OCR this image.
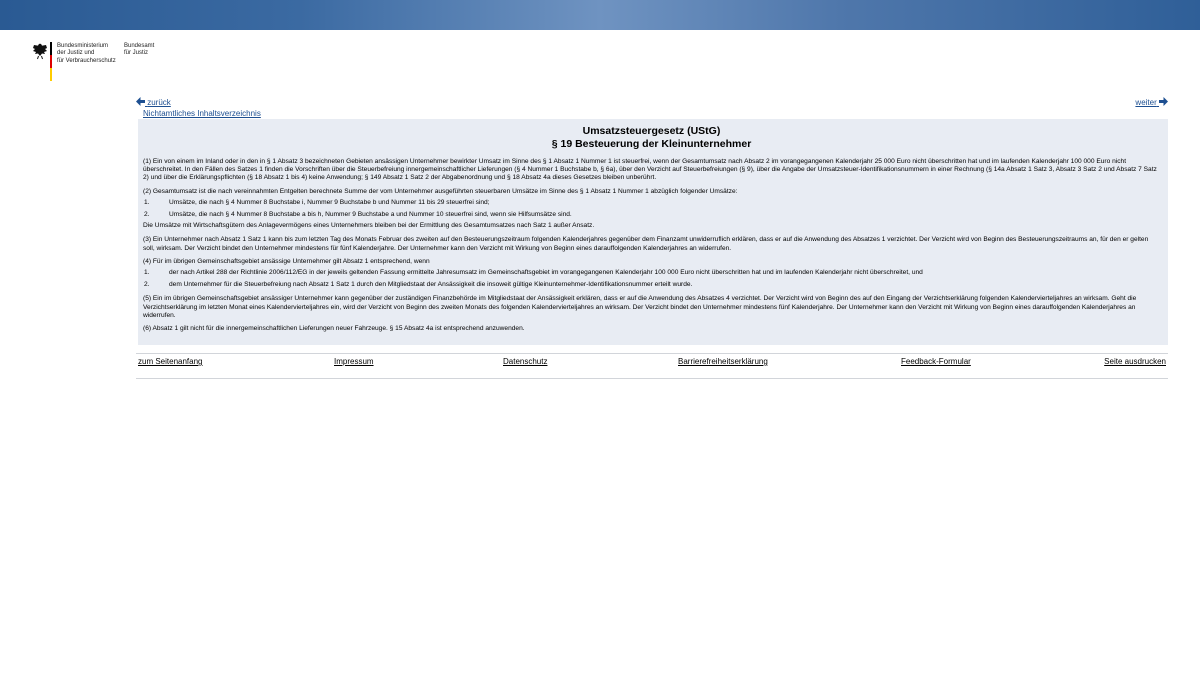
Bundesministerium
der Justiz und
für Verbraucherschutz
Bundesamt
für Justiz
zurück	weiter
Nichtamtliches Inhaltsverzeichnis

Umsatzsteuergesetz (UStG)

§ 19 Besteuerung der Kleinunternehmer

(1) Ein von einem im Inland oder in den in § 1 Absatz 3 bezeichneten Gebieten ansässigen Unternehmer bewirkter Umsatz im Sinne des § 1 Absatz 1 Nummer 1 ist steuerfrei, wenn der Gesamtumsatz nach Absatz 2 im vorangegangenen Kalenderjahr 25 000 Euro nicht überschritten hat und im laufenden Kalenderjahr 100 000 Euro nicht überschreitet. In den Fällen des Satzes 1 finden die Vorschriften über die Steuerbefreiung innergemeinschaftlicher Lieferungen (§ 4 Nummer 1 Buchstabe b, § 6a), über den Verzicht auf Steuerbefreiungen (§ 9), über die Angabe der Umsatzsteuer-Identifikationsnummern in einer Rechnung (§ 14a Absatz 1 Satz 3, Absatz 3 Satz 2 und Absatz 7 Satz 2) und über die Erklärungspflichten (§ 18 Absatz 1 bis 4) keine Anwendung; § 149 Absatz 1 Satz 2 der Abgabenordnung und § 18 Absatz 4a dieses Gesetzes bleiben unberührt.

(2) Gesamtumsatz ist die nach vereinnahmten Entgelten berechnete Summe der vom Unternehmer ausgeführten steuerbaren Umsätze im Sinne des § 1 Absatz 1 Nummer 1 abzüglich folgender Umsätze:

1.	Umsätze, die nach § 4 Nummer 8 Buchstabe i, Nummer 9 Buchstabe b und Nummer 11 bis 29 steuerfrei sind;
2.	Umsätze, die nach § 4 Nummer 8 Buchstabe a bis h, Nummer 9 Buchstabe a und Nummer 10 steuerfrei sind, wenn sie Hilfsumsätze sind.

Die Umsätze mit Wirtschaftsgütern des Anlagevermögens eines Unternehmers bleiben bei der Ermittlung des Gesamtumsatzes nach Satz 1 außer Ansatz.

(3) Ein Unternehmer nach Absatz 1 Satz 1 kann bis zum letzten Tag des Monats Februar des zweiten auf den Besteuerungszeitraum folgenden Kalenderjahres gegenüber dem Finanzamt unwiderruflich erklären, dass er auf die Anwendung des Absatzes 1 verzichtet. Der Verzicht wird von Beginn des Besteuerungszeitraums an, für den er gelten soll, wirksam. Der Verzicht bindet den Unternehmer mindestens für fünf Kalenderjahre. Der Unternehmer kann den Verzicht mit Wirkung von Beginn eines darauffolgenden Kalenderjahres an widerrufen.

(4) Für im übrigen Gemeinschaftsgebiet ansässige Unternehmer gilt Absatz 1 entsprechend, wenn

1.	der nach Artikel 288 der Richtlinie 2006/112/EG in der jeweils geltenden Fassung ermittelte Jahresumsatz im Gemeinschaftsgebiet im vorangegangenen Kalenderjahr 100 000 Euro nicht überschritten hat und im laufenden Kalenderjahr nicht überschreitet, und
2.	dem Unternehmer für die Steuerbefreiung nach Absatz 1 Satz 1 durch den Mitgliedstaat der Ansässigkeit die insoweit gültige Kleinunternehmer-Identifikationsnummer erteilt wurde.

(5) Ein im übrigen Gemeinschaftsgebiet ansässiger Unternehmer kann gegenüber der zuständigen Finanzbehörde im Mitgliedstaat der Ansässigkeit erklären, dass er auf die Anwendung des Absatzes 4 verzichtet. Der Verzicht wird von Beginn des auf den Eingang der Verzichtserklärung folgenden Kalendervierteljahres an wirksam. Geht die Verzichtserklärung im letzten Monat eines Kalendervierteljahres ein, wird der Verzicht von Beginn des zweiten Monats des folgenden Kalendervierteljahres an wirksam. Der Verzicht bindet den Unternehmer mindestens fünf Kalenderjahre. Der Unternehmer kann den Verzicht mit Wirkung von Beginn eines darauffolgenden Kalenderjahres an widerrufen.

(6) Absatz 1 gilt nicht für die innergemeinschaftlichen Lieferungen neuer Fahrzeuge. § 15 Absatz 4a ist entsprechend anzuwenden.

zum Seitenanfang	Impressum	Datenschutz	Barrierefreiheitserklärung	Feedback-Formular	Seite ausdrucken
